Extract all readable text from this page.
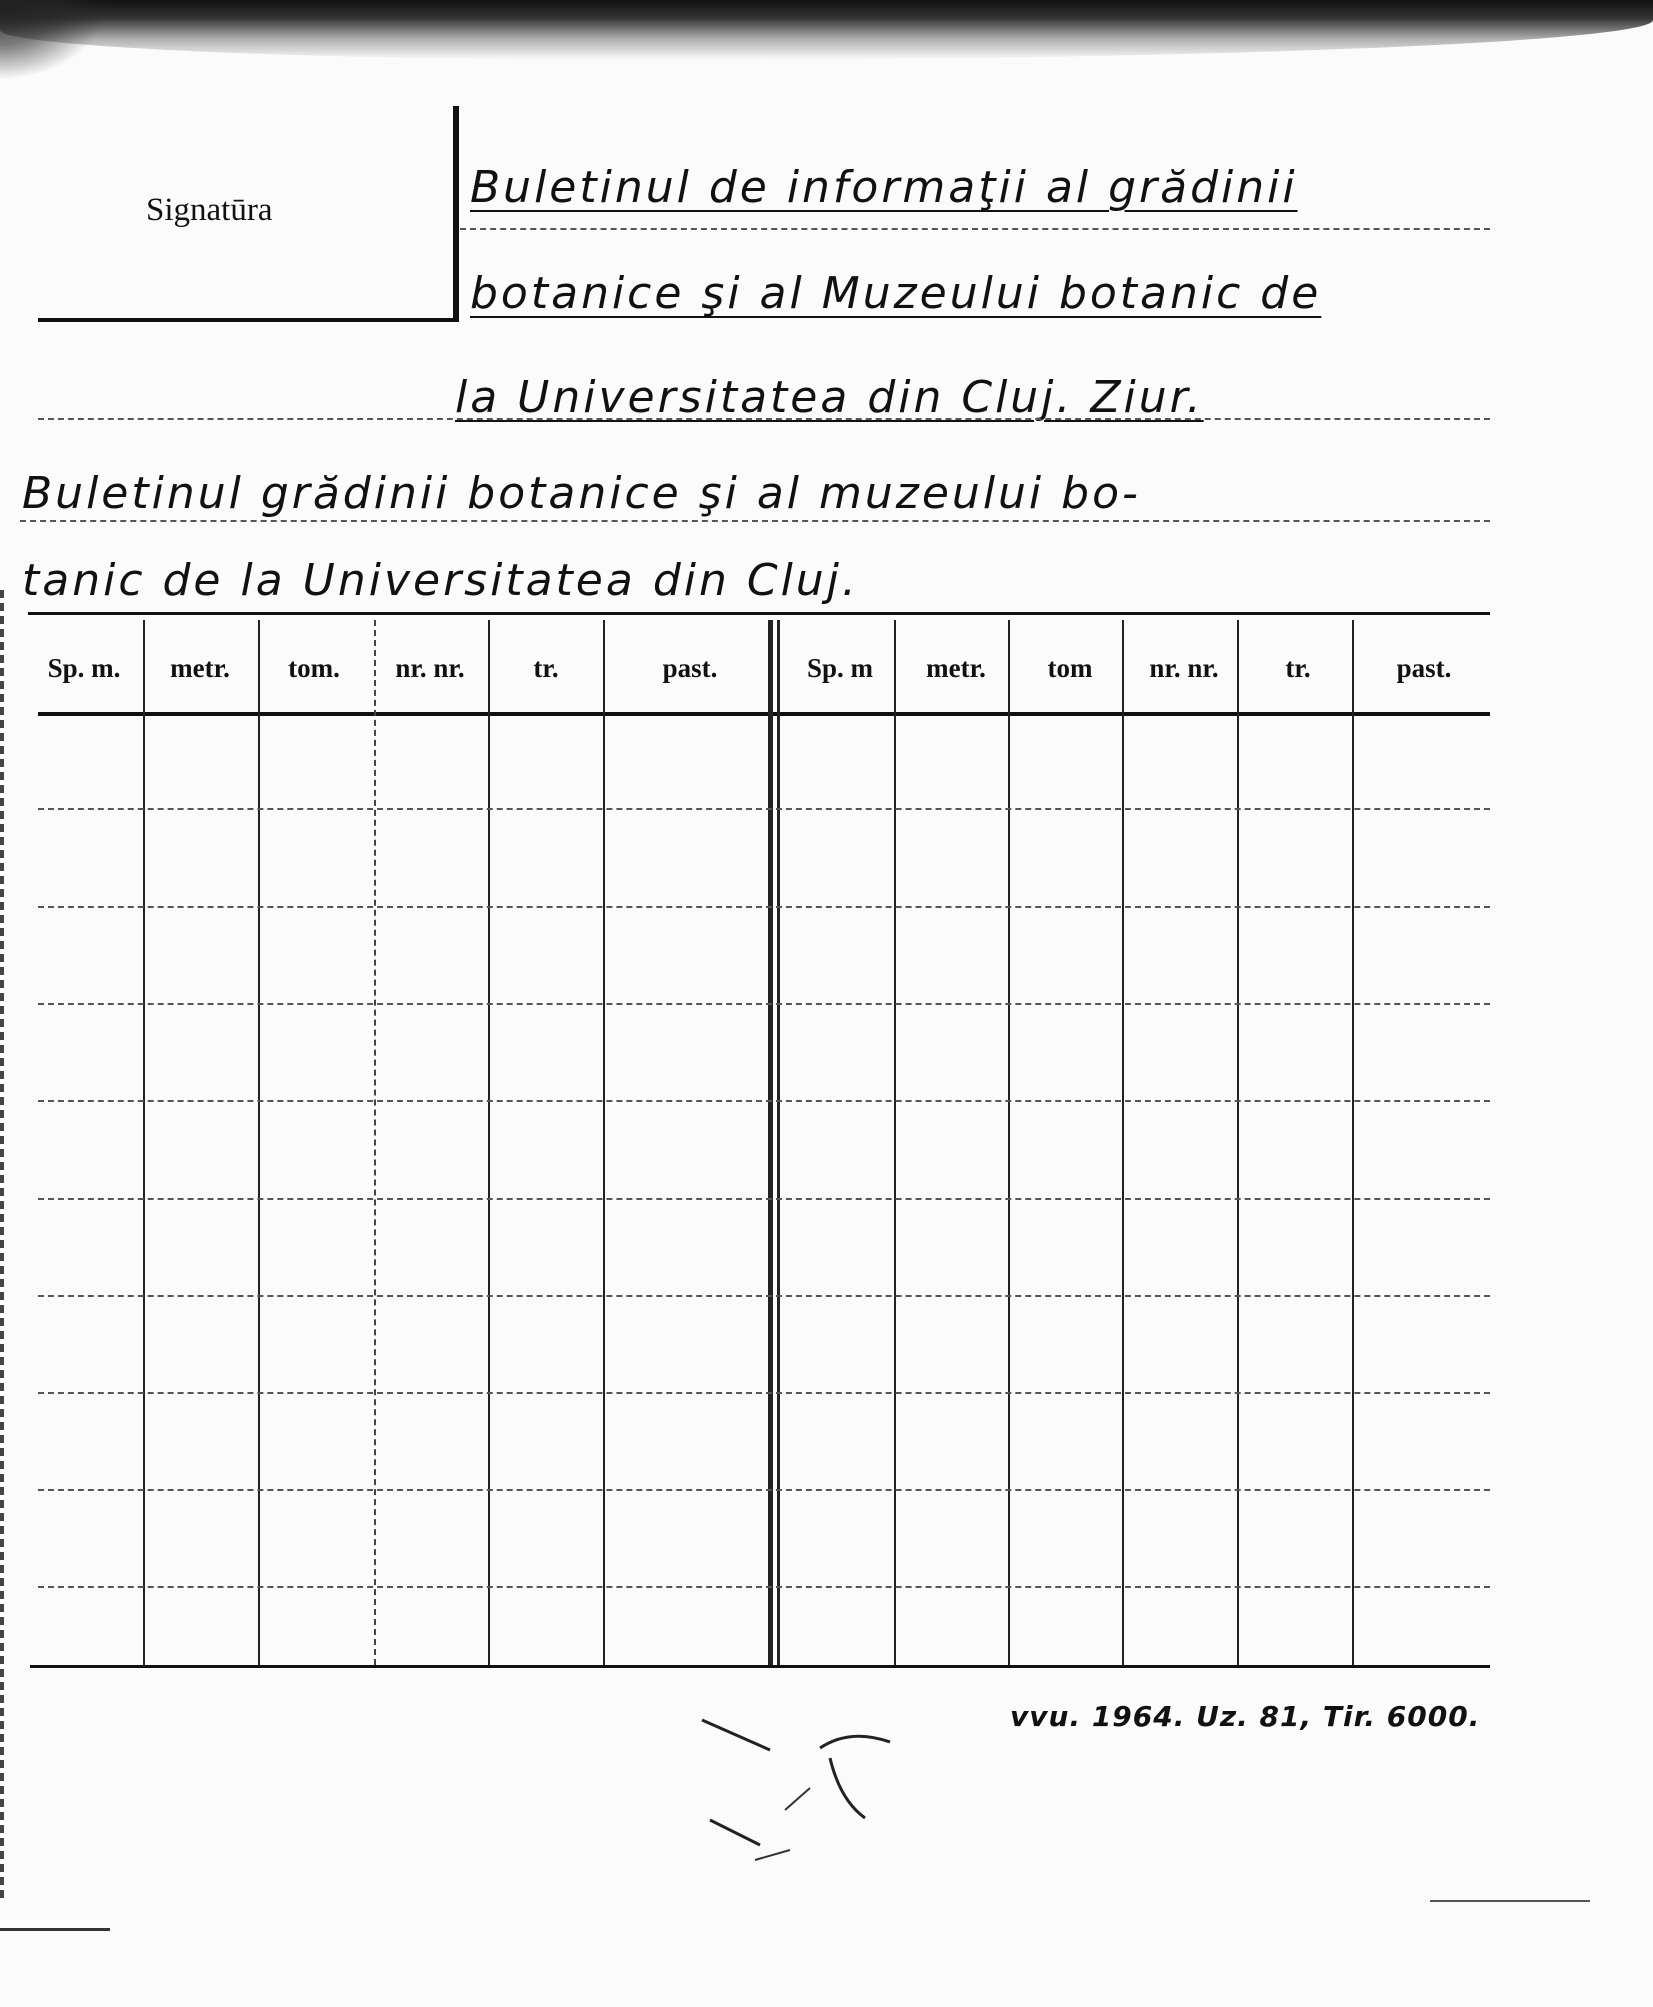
Signatūra	Buletinul de informaţii al grădinii
botanice şi al Muzeului botanic de
la Universitatea din Cluj. Ziur.
Buletinul grădinii botanice şi al muzeului bo-
tanic de la Universitatea din Cluj.
Sp. m.	metr.	tom.	nr. nr.	tr.	past.	Sp. m	metr.	tom	nr. nr.	tr.	past.
vvu. 1964. Uz. 81, Tir. 6000.
